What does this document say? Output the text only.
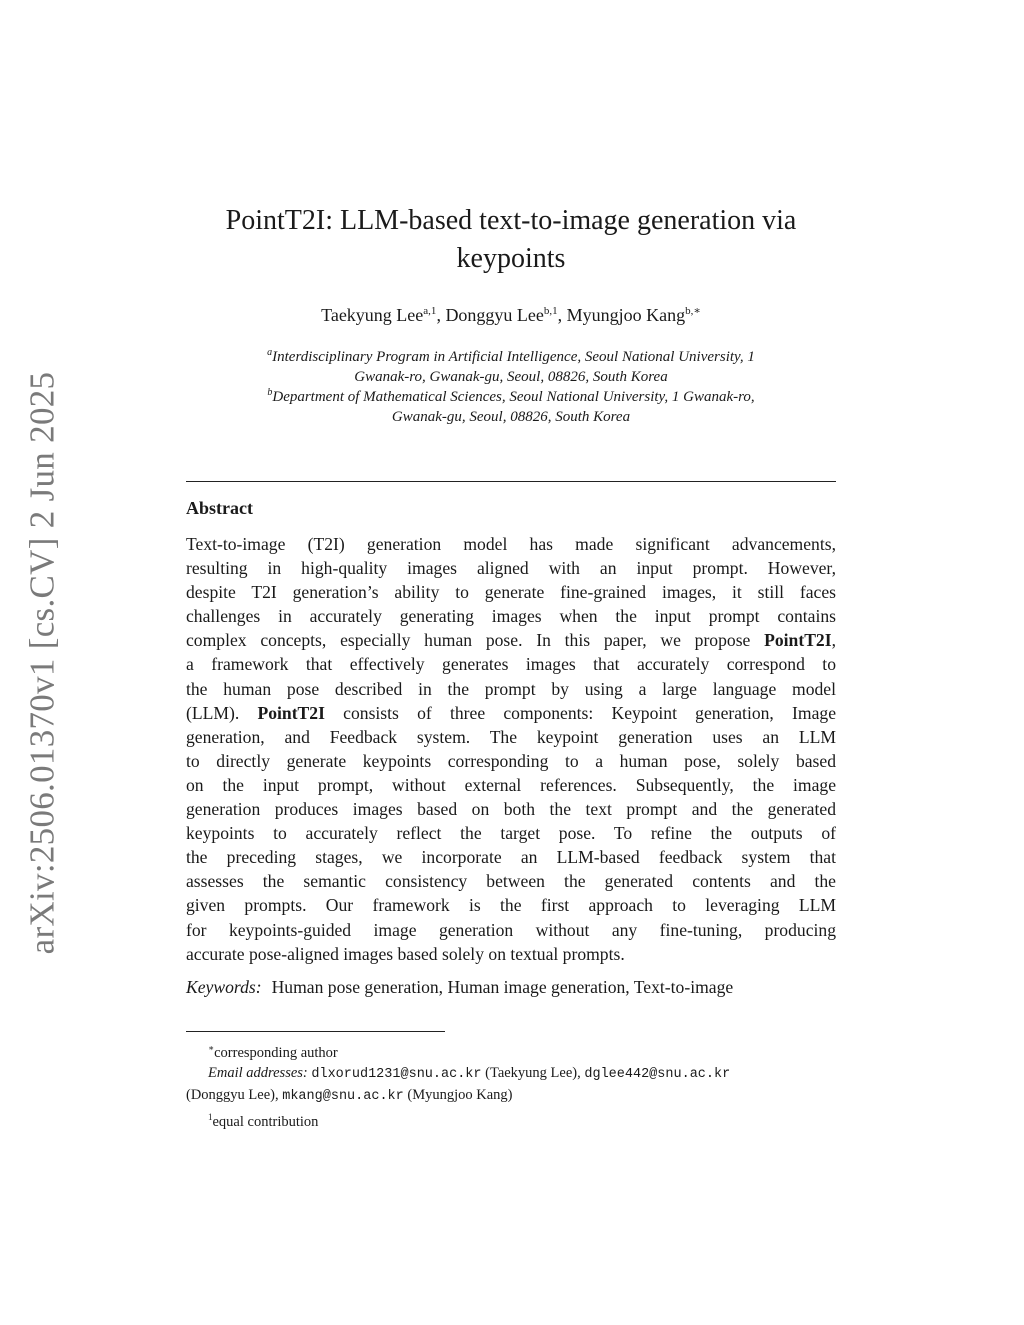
arXiv:2506.01370v1 [cs.CV] 2 Jun 2025
PointT2I: LLM-based text-to-image generation via
keypoints
Taekyung Lee$^{a,1}$, Donggyu Lee$^{b,1}$, Myungjoo Kang$^{b,∗}$
$^a$Interdisciplinary Program in Artificial Intelligence, Seoul National University, 1
Gwanak-ro, Gwanak-gu, Seoul, 08826, South Korea
$^b$Department of Mathematical Sciences, Seoul National University, 1 Gwanak-ro,
Gwanak-gu, Seoul, 08826, South Korea
Abstract
Text-to-image (T2I) generation model has made significant advancements,
resulting in high-quality images aligned with an input prompt. However,
despite T2I generation’s ability to generate fine-grained images, it still faces
challenges in accurately generating images when the input prompt contains
complex concepts, especially human pose. In this paper, we propose PointT2I,
a framework that effectively generates images that accurately correspond to
the human pose described in the prompt by using a large language model
(LLM). PointT2I consists of three components: Keypoint generation, Image
generation, and Feedback system. The keypoint generation uses an LLM
to directly generate keypoints corresponding to a human pose, solely based
on the input prompt, without external references. Subsequently, the image
generation produces images based on both the text prompt and the generated
keypoints to accurately reflect the target pose. To refine the outputs of
the preceding stages, we incorporate an LLM-based feedback system that
assesses the semantic consistency between the generated contents and the
given prompts. Our framework is the first approach to leveraging LLM
for keypoints-guided image generation without any fine-tuning, producing
accurate pose-aligned images based solely on textual prompts.
Keywords: Human pose generation, Human image generation, Text-to-image
∗corresponding author
Email addresses: dlxorud1231@snu.ac.kr (Taekyung Lee), dglee442@snu.ac.kr
(Donggyu Lee), mkang@snu.ac.kr (Myungjoo Kang)
$^1$equal contribution
